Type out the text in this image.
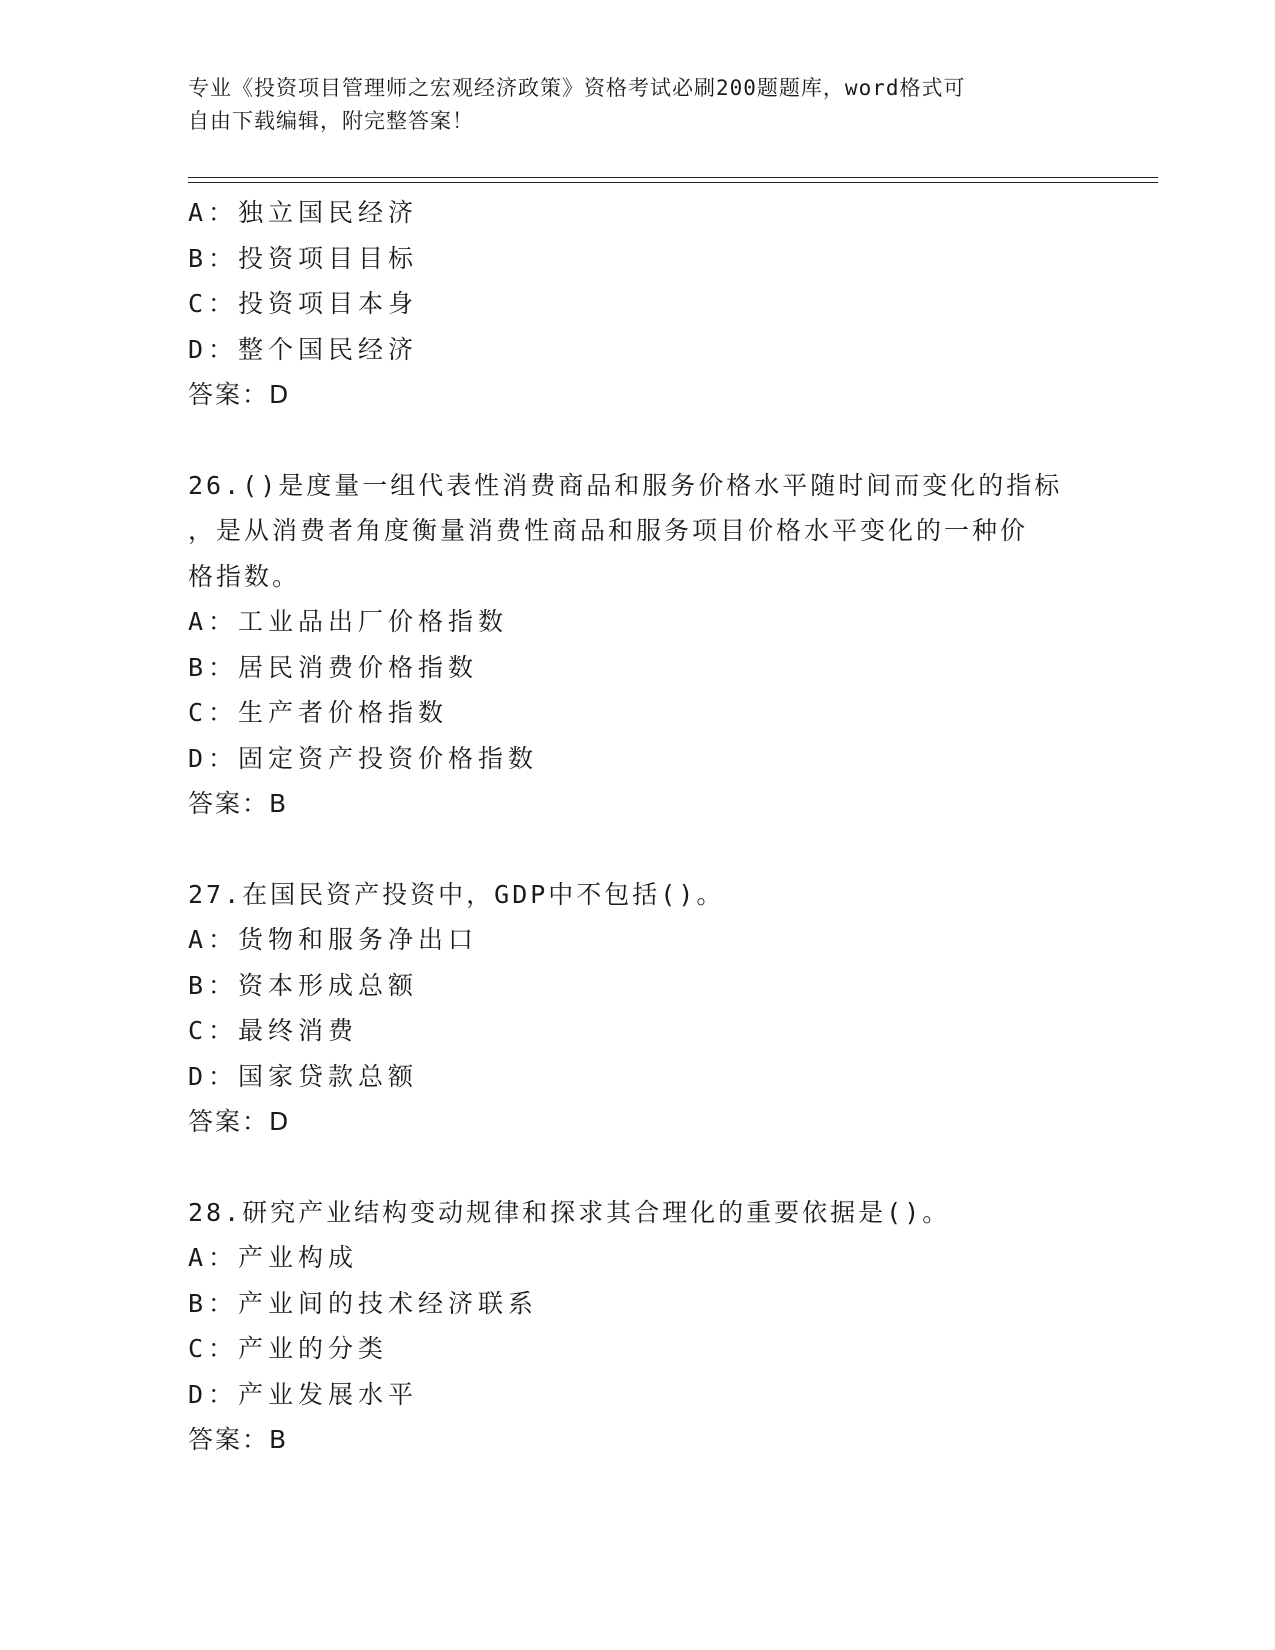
专业《投资项目管理师之宏观经济政策》资格考试必刷200题题库，word格式可
自由下载编辑，附完整答案！
A：独立国民经济
B：投资项目目标
C：投资项目本身
D：整个国民经济
答案：D
26.()是度量一组代表性消费商品和服务价格水平随时间而变化的指标
，是从消费者角度衡量消费性商品和服务项目价格水平变化的一种价
格指数。
A：工业品出厂价格指数
B：居民消费价格指数
C：生产者价格指数
D：固定资产投资价格指数
答案：B
27.在国民资产投资中，GDP中不包括()。
A：货物和服务净出口
B：资本形成总额
C：最终消费
D：国家贷款总额
答案：D
28.研究产业结构变动规律和探求其合理化的重要依据是()。
A：产业构成
B：产业间的技术经济联系
C：产业的分类
D：产业发展水平
答案：B
